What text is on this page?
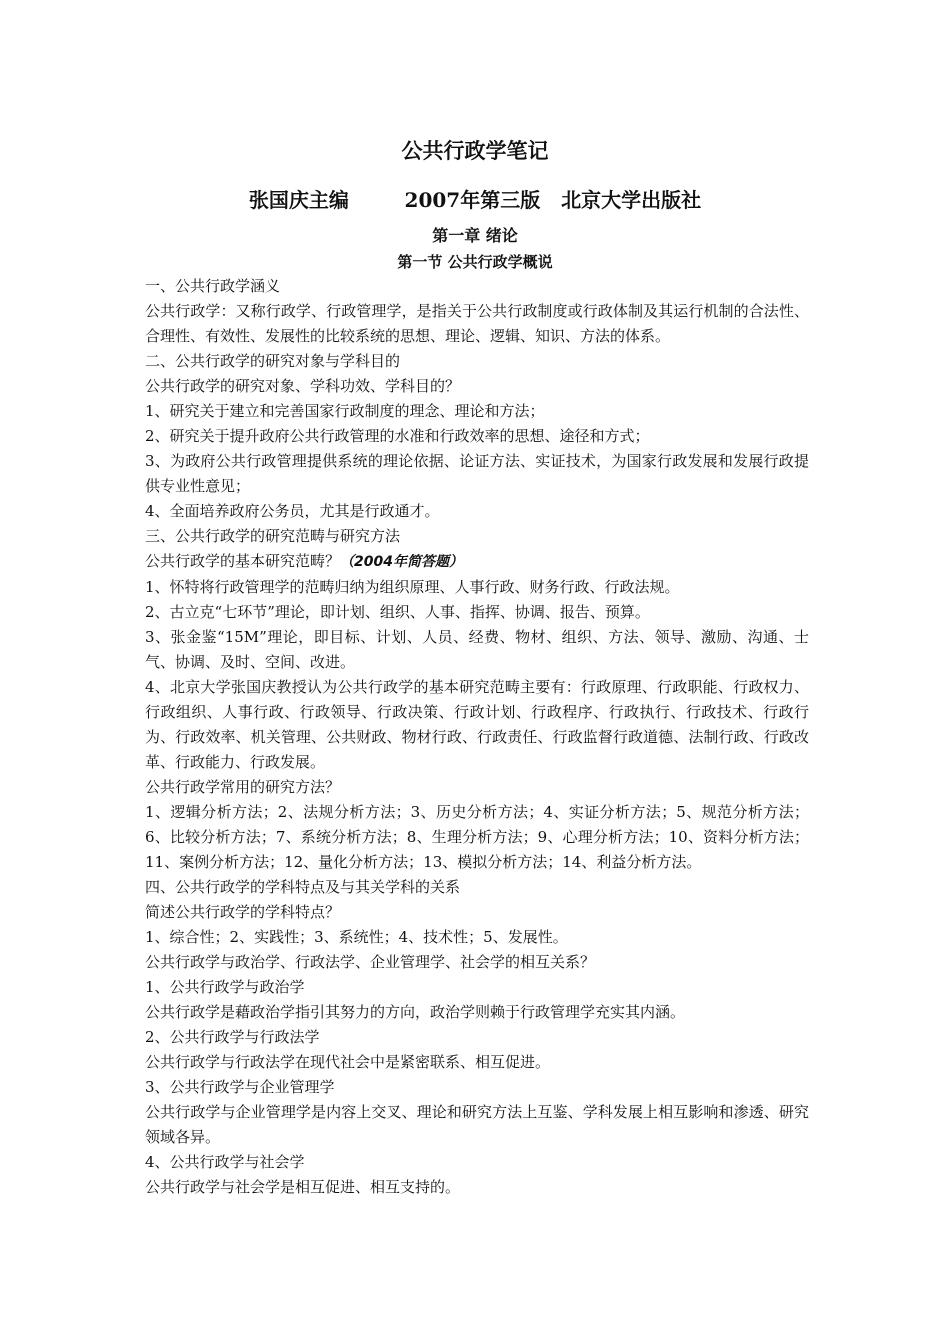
公共行政学笔记
张国庆主编        2007年第三版   北京大学出版社
第一章 绪论
第一节 公共行政学概说

一、公共行政学涵义

公共行政学：又称行政学、行政管理学，是指关于公共行政制度或行政体制及其运行机制的合法性、合理性、有效性、发展性的比较系统的思想、理论、逻辑、知识、方法的体系。

二、公共行政学的研究对象与学科目的

公共行政学的研究对象、学科功效、学科目的？

1、研究关于建立和完善国家行政制度的理念、理论和方法；

2、研究关于提升政府公共行政管理的水准和行政效率的思想、途径和方式；

3、为政府公共行政管理提供系统的理论依据、论证方法、实证技术，为国家行政发展和发展行政提供专业性意见；

4、全面培养政府公务员，尤其是行政通才。

三、公共行政学的研究范畴与研究方法

公共行政学的基本研究范畴？（2004年简答题）

1、怀特将行政管理学的范畴归纳为组织原理、人事行政、财务行政、行政法规。

2、古立克“七环节”理论，即计划、组织、人事、指挥、协调、报告、预算。

3、张金鉴“15M”理论，即目标、计划、人员、经费、物材、组织、方法、领导、激励、沟通、士气、协调、及时、空间、改进。

4、北京大学张国庆教授认为公共行政学的基本研究范畴主要有：行政原理、行政职能、行政权力、行政组织、人事行政、行政领导、行政决策、行政计划、行政程序、行政执行、行政技术、行政行为、行政效率、机关管理、公共财政、物材行政、行政责任、行政监督行政道德、法制行政、行政改革、行政能力、行政发展。

公共行政学常用的研究方法？

1、逻辑分析方法；2、法规分析方法；3、历史分析方法；4、实证分析方法；5、规范分析方法；6、比较分析方法；7、系统分析方法；8、生理分析方法；9、心理分析方法；10、资料分析方法；11、案例分析方法；12、量化分析方法；13、模拟分析方法；14、利益分析方法。

四、公共行政学的学科特点及与其关学科的关系

简述公共行政学的学科特点？

1、综合性；2、实践性；3、系统性；4、技术性；5、发展性。

公共行政学与政治学、行政法学、企业管理学、社会学的相互关系？

1、公共行政学与政治学

公共行政学是藉政治学指引其努力的方向，政治学则赖于行政管理学充实其内涵。

2、公共行政学与行政法学

公共行政学与行政法学在现代社会中是紧密联系、相互促进。

3、公共行政学与企业管理学

公共行政学与企业管理学是内容上交叉、理论和研究方法上互鉴、学科发展上相互影响和渗透、研究领域各异。

4、公共行政学与社会学

公共行政学与社会学是相互促进、相互支持的。
